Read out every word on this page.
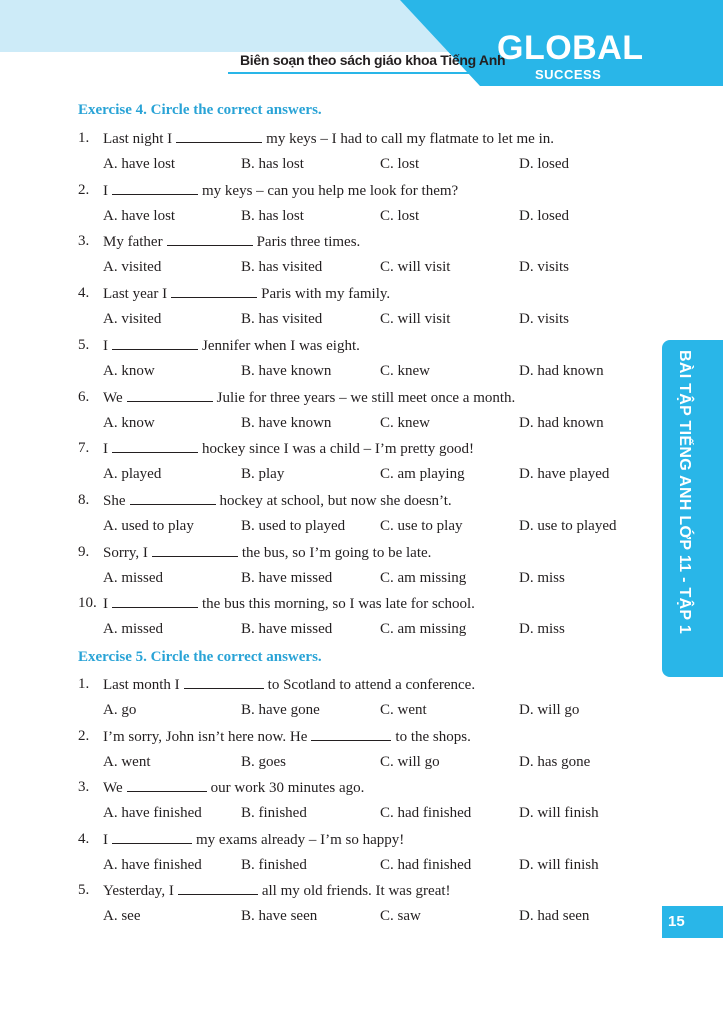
Biên soạn theo sách giáo khoa Tiếng Anh
GLOBAL
SUCCESS
BÀI TẬP TIẾNG ANH LỚP 11 - TẬP 1
15
Exercise 4. Circle the correct answers.
1. Last night I	my keys – I had to call my flatmate to let me in.
A. have lost	B. has lost	C. lost	D. losed
2. I	my keys – can you help me look for them?
A. have lost	B. has lost	C. lost	D. losed
3. My father	Paris three times.
A. visited	B. has visited	C. will visit	D. visits
4. Last year I	Paris with my family.
A. visited	B. has visited	C. will visit	D. visits
5. I	Jennifer when I was eight.
A. know	B. have known	C. knew	D. had known
6. We	Julie for three years – we still meet once a month.
A. know	B. have known	C. knew	D. had known
7. I	hockey since I was a child – I’m pretty good!
A. played	B. play	C. am playing	D. have played
8. She	hockey at school, but now she doesn’t.
A. used to play	B. used to played C. use to play	D. use to played
9. Sorry, I	the bus, so I’m going to be late.
A. missed	B. have missed	C. am missing	D. miss
10. I	the bus this morning, so I was late for school.
A. missed	B. have missed	C. am missing	D. miss
Exercise 5. Circle the correct answers.
1. Last month I	to Scotland to attend a conference.
A. go	B. have gone	C. went	D. will go
2. I’m sorry, John isn’t here now. He	to the shops.
A. went	B. goes	C. will go	D. has gone
3. We	our work 30 minutes ago.
A. have finished	B. finished	C. had finished	D. will finish
4. I	my exams already – I’m so happy!
A. have finished	B. finished	C. had finished	D. will finish
5. Yesterday, I	all my old friends. It was great!
A. see	B. have seen	C. saw	D. had seen
